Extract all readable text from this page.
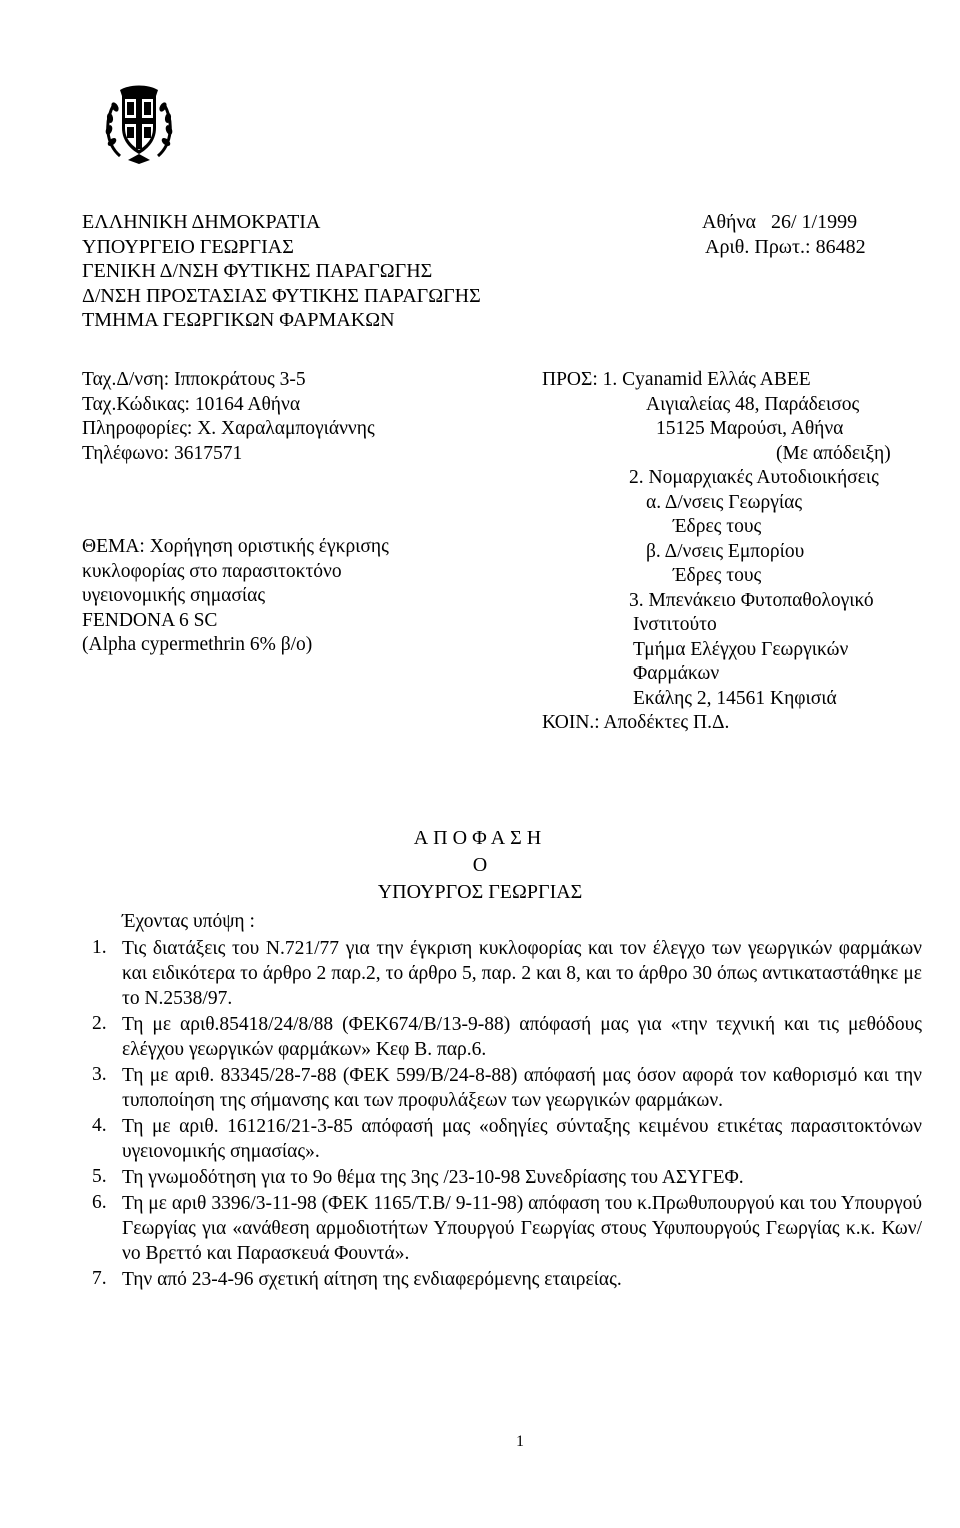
ΕΛΛΗΝΙΚΗ ΔΗΜΟΚΡΑΤΙΑ
ΥΠΟΥΡΓΕΙΟ ΓΕΩΡΓΙΑΣ
ΓΕΝΙΚΗ Δ/ΝΣΗ ΦΥΤΙΚΗΣ ΠΑΡΑΓΩΓΗΣ
Δ/ΝΣΗ ΠΡΟΣΤΑΣΙΑΣ ΦΥΤΙΚΗΣ ΠΑΡΑΓΩΓΗΣ
ΤΜΗΜΑ ΓΕΩΡΓΙΚΩΝ ΦΑΡΜΑΚΩΝ
Αθήνα   26/ 1/1999
Αριθ. Πρωτ.: 86482
Ταχ.Δ/νση: Ιπποκράτους 3-5
Ταχ.Κώδικας: 10164 Αθήνα
Πληροφορίες: Χ. Χαραλαμπογιάννης
Τηλέφωνο: 3617571
ΘΕΜΑ: Χορήγηση οριστικής έγκρισης
κυκλοφορίας στο παρασιτοκτόνο
υγειονομικής σημασίας
FENDONA 6 SC
(Alpha cypermethrin 6% β/ο)
ΠΡΟΣ: 1. Cyanamid Ελλάς ΑΒΕΕ
Αιγιαλείας 48, Παράδεισος
15125 Μαρούσι, Αθήνα
(Με απόδειξη)
2. Νομαρχιακές Αυτοδιοικήσεις
α. Δ/νσεις Γεωργίας
Έδρες τους
β. Δ/νσεις Εμπορίου
Έδρες τους
3. Μπενάκειο Φυτοπαθολογικό
Ινστιτούτο
Τμήμα Ελέγχου Γεωργικών
Φαρμάκων
Εκάλης 2, 14561 Κηφισιά
ΚΟΙΝ.: Αποδέκτες Π.Δ.
ΑΠΟΦΑΣΗ
Ο
ΥΠΟΥΡΓΟΣ ΓΕΩΡΓΙΑΣ
Έχοντας υπόψη :
1. Τις διατάξεις του Ν.721/77 για την έγκριση κυκλοφορίας και τον έλεγχο των γεωργικών φαρμάκων και ειδικότερα το άρθρο 2 παρ.2, το άρθρο 5, παρ. 2 και 8, και το άρθρο 30 όπως αντικαταστάθηκε με το Ν.2538/97.
2. Τη με αριθ.85418/24/8/88 (ΦΕΚ674/Β/13-9-88) απόφασή μας για «την τεχνική και τις μεθόδους ελέγχου γεωργικών φαρμάκων» Κεφ Β. παρ.6.
3. Τη με αριθ. 83345/28-7-88 (ΦΕΚ 599/Β/24-8-88) απόφασή μας όσον αφορά τον καθορισμό και την τυποποίηση της σήμανσης και των προφυλάξεων των γεωργικών φαρμάκων.
4. Τη με αριθ. 161216/21-3-85 απόφασή μας «οδηγίες σύνταξης κειμένου ετικέτας παρασιτοκτόνων υγειονομικής σημασίας».
5. Τη γνωμοδότηση για το 9ο θέμα της 3ης /23-10-98 Συνεδρίασης του ΑΣΥΓΕΦ.
6. Τη με αριθ 3396/3-11-98 (ΦΕΚ 1165/Τ.Β/ 9-11-98) απόφαση του κ.Πρωθυπουργού και του Υπουργού Γεωργίας για «ανάθεση αρμοδιοτήτων Υπουργού Γεωργίας στους Υφυπουργούς Γεωργίας κ.κ. Κων/νο Βρεττό και Παρασκευά Φουντά».
7. Την από 23-4-96 σχετική αίτηση της ενδιαφερόμενης εταιρείας.
1
